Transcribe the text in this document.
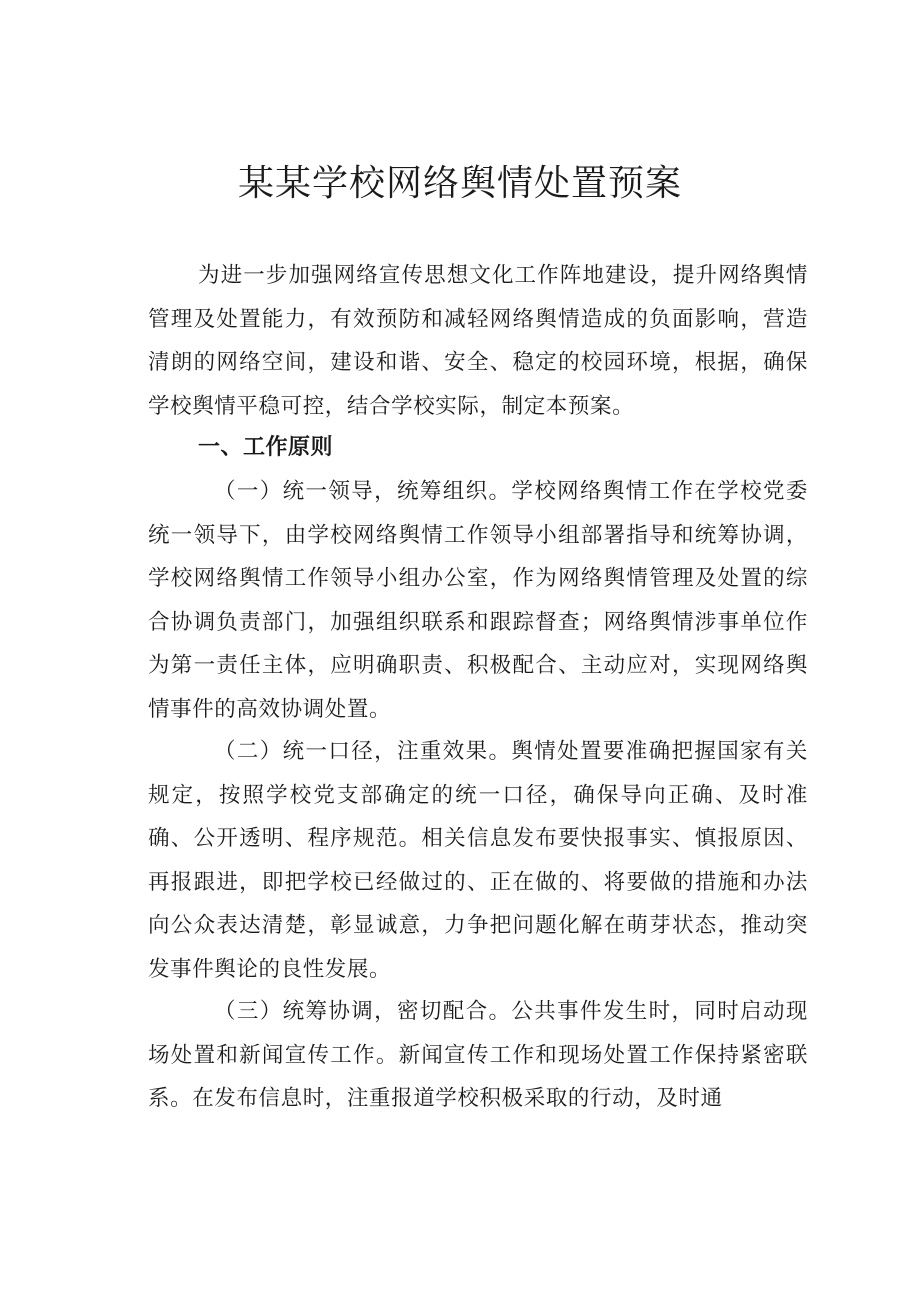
某某学校网络舆情处置预案
为进一步加强网络宣传思想文化工作阵地建设，提升网络舆情管理及处置能力，有效预防和减轻网络舆情造成的负面影响，营造清朗的网络空间，建设和谐、安全、稳定的校园环境，根据，确保学校舆情平稳可控，结合学校实际，制定本预案。
一、工作原则
（一）统一领导，统筹组织。学校网络舆情工作在学校党委统一领导下，由学校网络舆情工作领导小组部署指导和统筹协调，学校网络舆情工作领导小组办公室，作为网络舆情管理及处置的综合协调负责部门，加强组织联系和跟踪督查；网络舆情涉事单位作为第一责任主体，应明确职责、积极配合、主动应对，实现网络舆情事件的高效协调处置。
（二）统一口径，注重效果。舆情处置要准确把握国家有关规定，按照学校党支部确定的统一口径，确保导向正确、及时准确、公开透明、程序规范。相关信息发布要快报事实、慎报原因、再报跟进，即把学校已经做过的、正在做的、将要做的措施和办法向公众表达清楚，彰显诚意，力争把问题化解在萌芽状态，推动突发事件舆论的良性发展。
（三）统筹协调，密切配合。公共事件发生时，同时启动现场处置和新闻宣传工作。新闻宣传工作和现场处置工作保持紧密联系。在发布信息时，注重报道学校积极采取的行动，及时通
